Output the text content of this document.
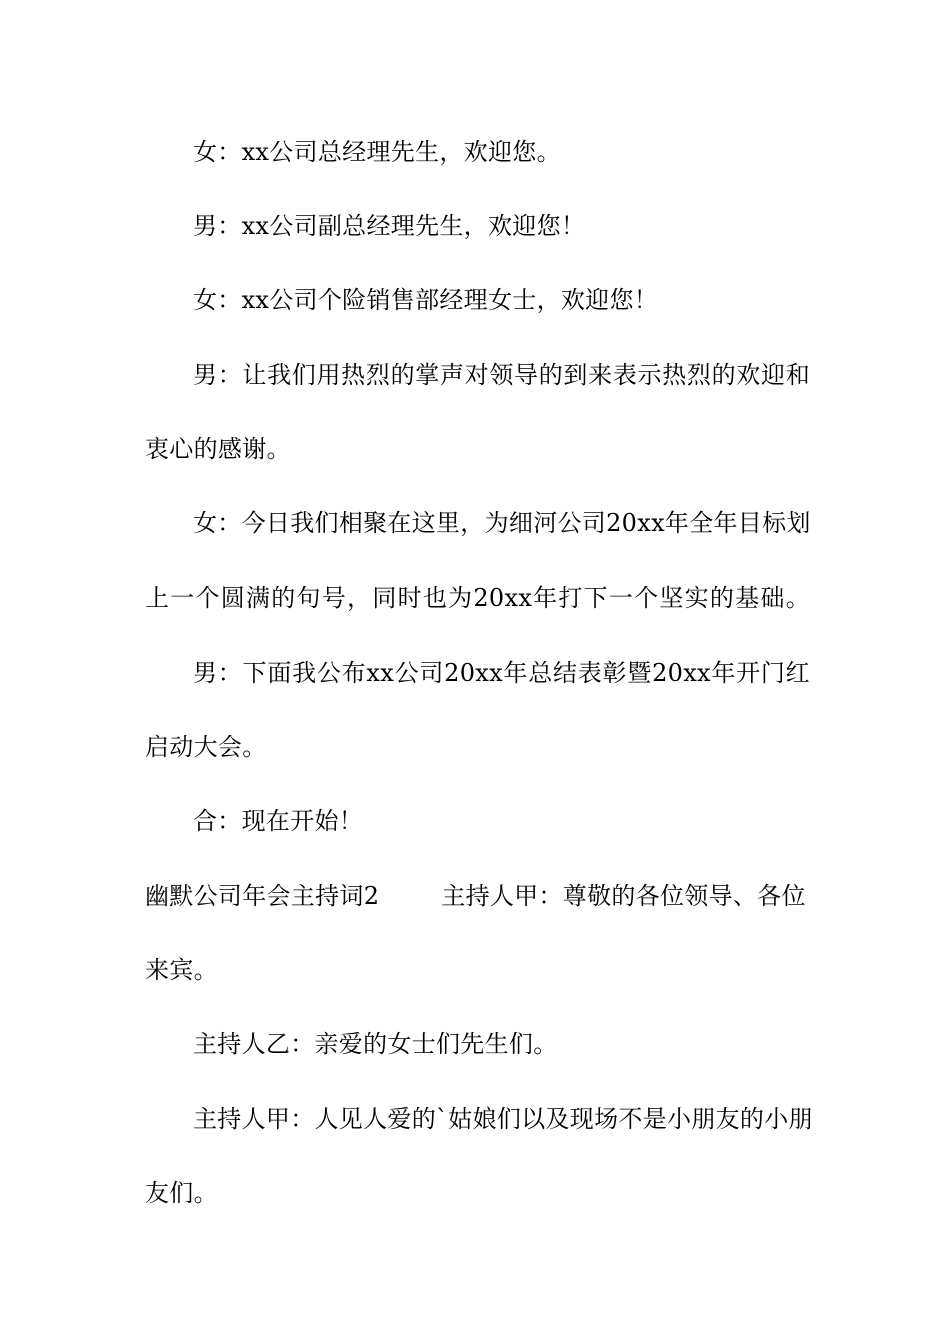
女：xx公司总经理先生，欢迎您。
男：xx公司副总经理先生，欢迎您！
女：xx公司个险销售部经理女士，欢迎您！
男：让我们用热烈的掌声对领导的到来表示热烈的欢迎和
衷心的感谢。
女：今日我们相聚在这里，为细河公司20xx年全年目标划
上一个圆满的句号，同时也为20xx年打下一个坚实的基础。
男：下面我公布xx公司20xx年总结表彰暨20xx年开门红
启动大会。
合：现在开始！
幽默公司年会主持词2	主持人甲：尊敬的各位领导、各位
来宾。
主持人乙：亲爱的女士们先生们。
主持人甲：人见人爱的`姑娘们以及现场不是小朋友的小朋
友们。
